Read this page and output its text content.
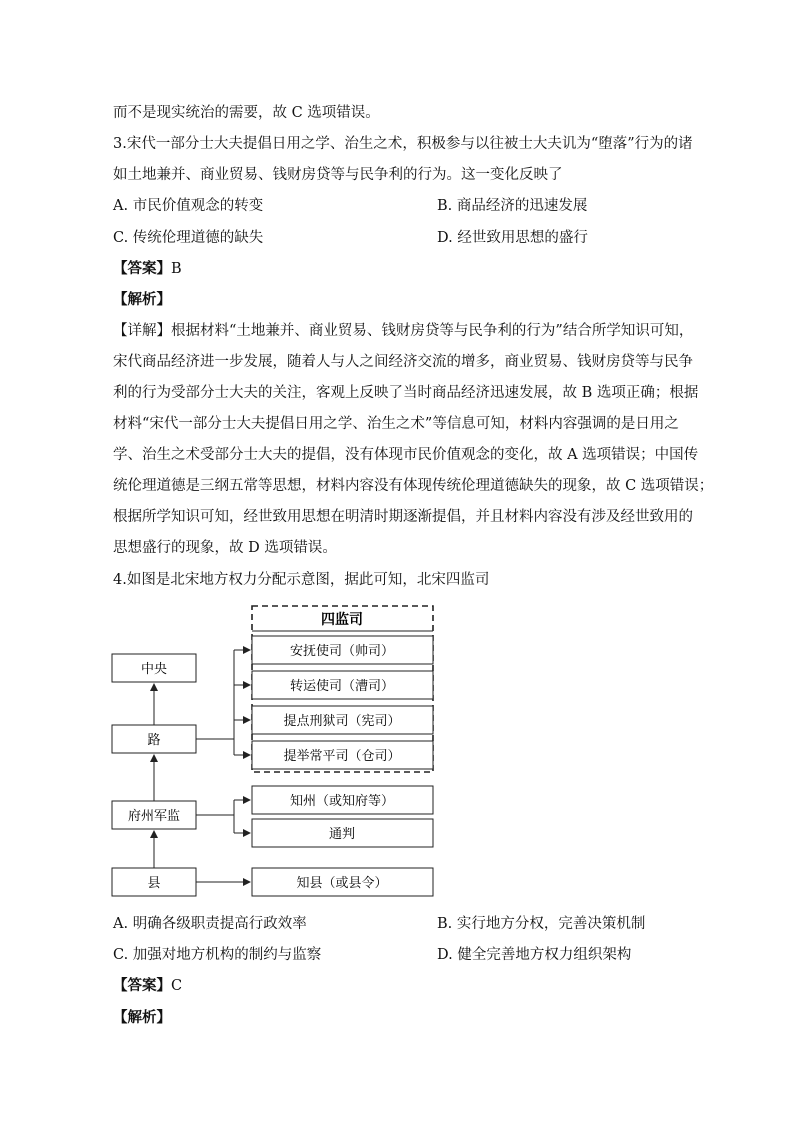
而不是现实统治的需要，故 C 选项错误。
3.宋代一部分士大夫提倡日用之学、治生之术，积极参与以往被士大夫讥为“堕落”行为的诸
如土地兼并、商业贸易、钱财房贷等与民争利的行为。这一变化反映了
A. 市民价值观念的转变	B. 商品经济的迅速发展
C. 传统伦理道德的缺失	D. 经世致用思想的盛行
【答案】B
【解析】
【详解】根据材料“土地兼并、商业贸易、钱财房贷等与民争利的行为”结合所学知识可知，
宋代商品经济进一步发展，随着人与人之间经济交流的增多，商业贸易、钱财房贷等与民争
利的行为受部分士大夫的关注，客观上反映了当时商品经济迅速发展，故 B 选项正确；根据
材料“宋代一部分士大夫提倡日用之学、治生之术”等信息可知，材料内容强调的是日用之
学、治生之术受部分士大夫的提倡，没有体现市民价值观念的变化，故 A 选项错误；中国传
统伦理道德是三纲五常等思想，材料内容没有体现传统伦理道德缺失的现象，故 C 选项错误；
根据所学知识可知，经世致用思想在明清时期逐渐提倡，并且材料内容没有涉及经世致用的
思想盛行的现象，故 D 选项错误。
4.如图是北宋地方权力分配示意图，据此可知，北宋四监司
四监司
安抚使司（帅司）
转运使司（漕司）
提点刑狱司（宪司）
提举常平司（仓司）
中央
路
府州军监
县
知州（或知府等）
通判
知县（或县令）
A. 明确各级职责提高行政效率	B. 实行地方分权，完善决策机制
C. 加强对地方机构的制约与监察	D. 健全完善地方权力组织架构
【答案】C
【解析】
